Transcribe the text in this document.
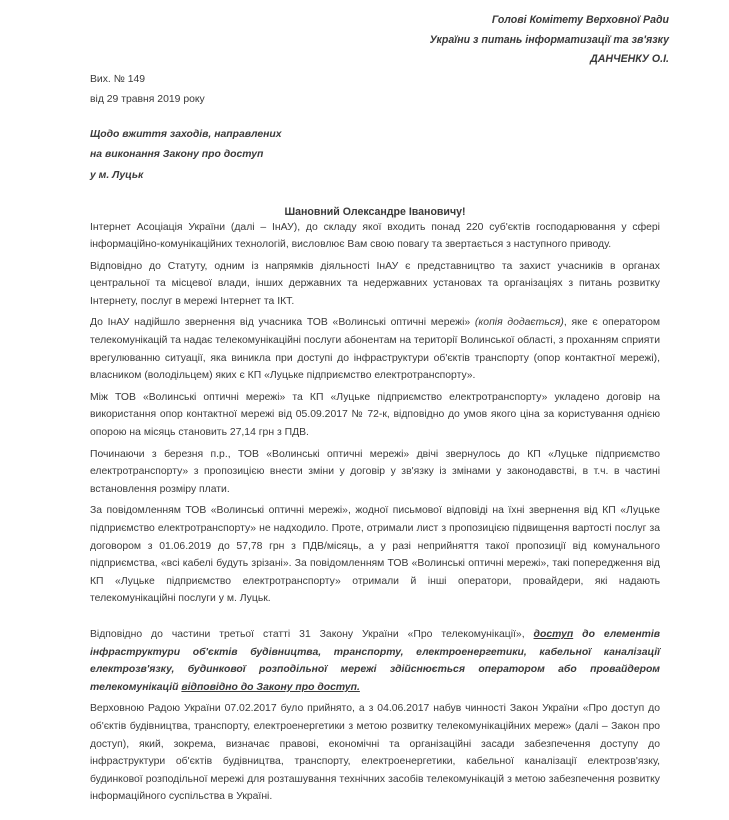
Голові Комітету Верховної Ради
України з питань інформатизації та зв'язку
ДАНЧЕНКУ О.І.
Вих. № 149
від 29 травня 2019 року
Щодо вжиття заходів, направлених
на виконання Закону про доступ
у м. Луцьк
Шановний Олександре Івановичу!

Інтернет Асоціація України (далі – ІнАУ), до складу якої входить понад 220 суб'єктів господарювання у сфері інформаційно-комунікаційних технологій, висловлює Вам свою повагу та звертається з наступного приводу.

Відповідно до Статуту, одним із напрямків діяльності ІнАУ є представництво та захист учасників в органах центральної та місцевої влади, інших державних та недержавних установах та організаціях з питань розвитку Інтернету, послуг в мережі Інтернет та ІКТ.

До ІнАУ надійшло звернення від учасника ТОВ «Волинські оптичні мережі» (копія додається), яке є оператором телекомунікацій та надає телекомунікаційні послуги абонентам на території Волинської області, з проханням сприяти врегулюванню ситуації, яка виникла при доступі до інфраструктури об'єктів транспорту (опор контактної мережі), власником (володільцем) яких є КП «Луцьке підприємство електротранспорту».

Між ТОВ «Волинські оптичні мережі» та КП «Луцьке підприємство електротранспорту» укладено договір на використання опор контактної мережі від 05.09.2017 № 72-к, відповідно до умов якого ціна за користування однією опорою на місяць становить 27,14 грн з ПДВ.

Починаючи з березня п.р., ТОВ «Волинські оптичні мережі» двічі звернулось до КП «Луцьке підприємство електротранспорту» з пропозицією внести зміни у договір у зв'язку із змінами у законодавстві, в т.ч. в частині встановлення розміру плати.

За повідомленням ТОВ «Волинські оптичні мережі», жодної письмової відповіді на їхні звернення від КП «Луцьке підприємство електротранспорту» не надходило. Проте, отримали лист з пропозицією підвищення вартості послуг за договором з 01.06.2019 до 57,78 грн з ПДВ/місяць, а у разі неприйняття такої пропозиції від комунального підприємства, «всі кабелі будуть зрізані». За повідомленням ТОВ «Волинські оптичні мережі», такі попередження від КП «Луцьке підприємство електротранспорту» отримали й інші оператори, провайдери, які надають телекомунікаційні послуги у м. Луцьк.

Відповідно до частини третьої статті 31 Закону України «Про телекомунікації», доступ до елементів інфраструктури об'єктів будівництва, транспорту, електроенергетики, кабельної каналізації електрозв'язку, будинкової розподільної мережі здійснюється оператором або провайдером телекомунікацій відповідно до Закону про доступ.

Верховною Радою України 07.02.2017 було прийнято, а з 04.06.2017 набув чинності Закон України «Про доступ до об'єктів будівництва, транспорту, електроенергетики з метою розвитку телекомунікаційних мереж» (далі – Закон про доступ), який, зокрема, визначає правові, економічні та організаційні засади забезпечення доступу до інфраструктури об'єктів будівництва, транспорту, електроенергетики, кабельної каналізації електрозв'язку, будинкової розподільної мережі для розташування технічних засобів телекомунікацій з метою забезпечення розвитку інформаційного суспільства в Україні.
